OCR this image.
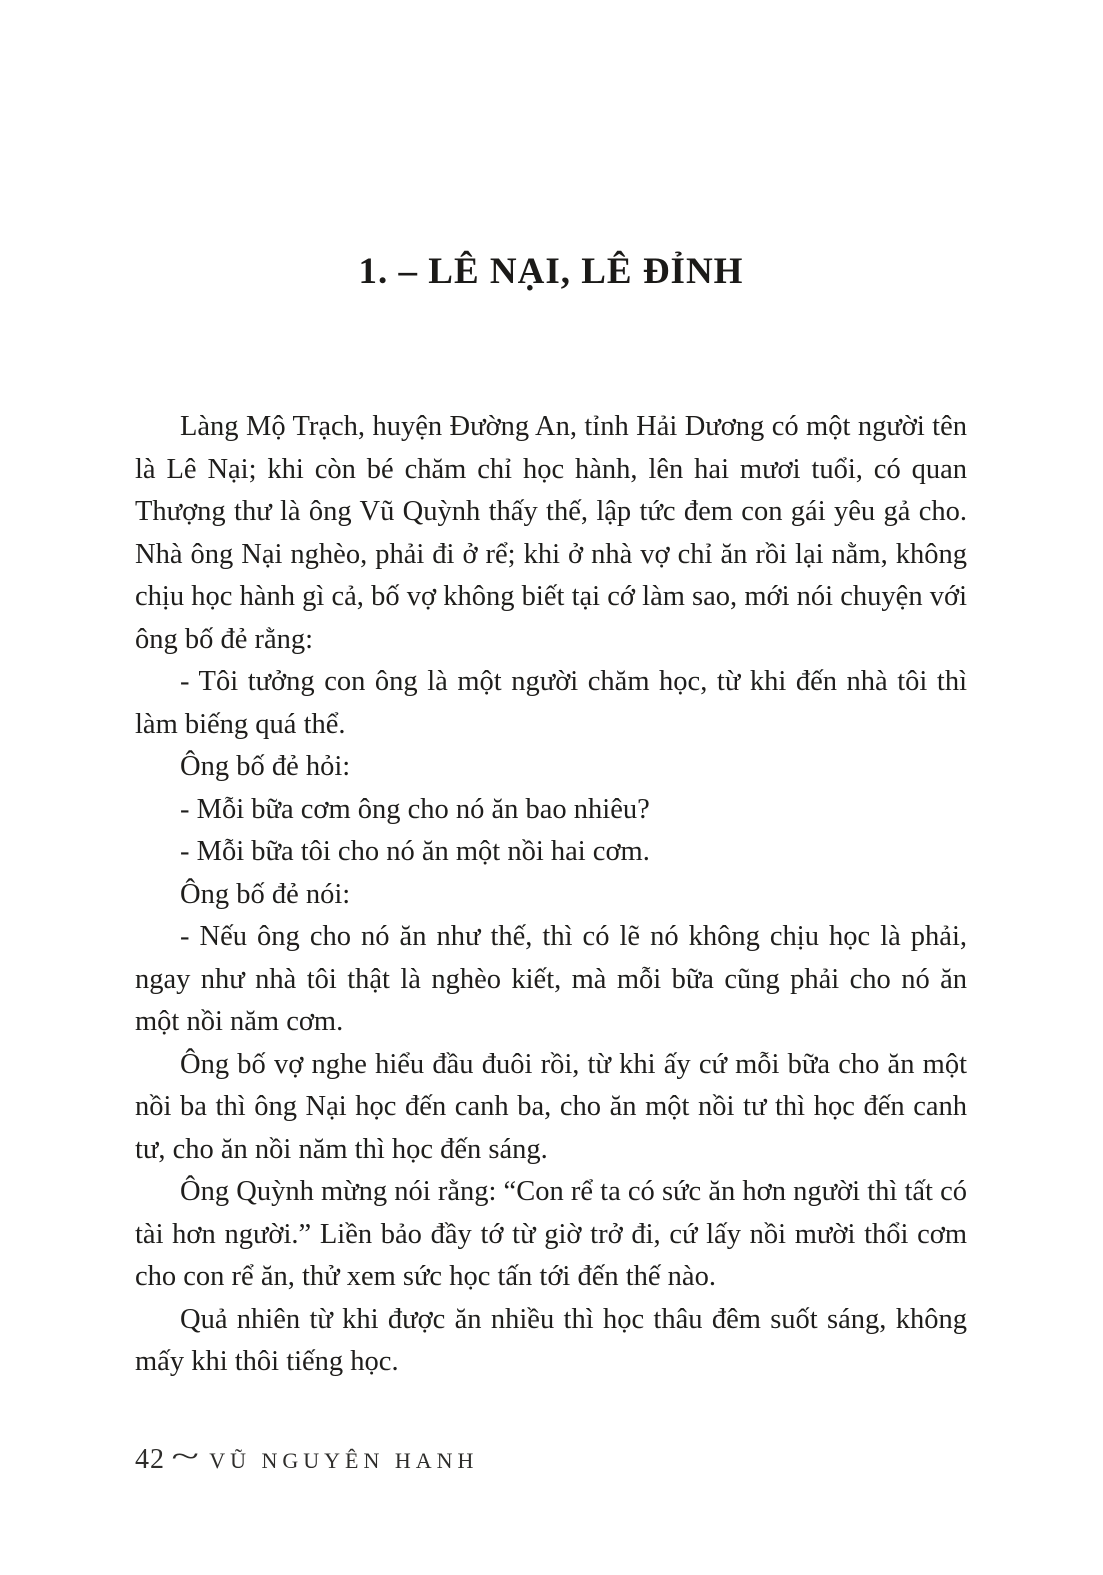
1. – LÊ NẠI, LÊ ĐỈNH

Làng Mộ Trạch, huyện Đường An, tỉnh Hải Dương có một người tên là Lê Nại; khi còn bé chăm chỉ học hành, lên hai mươi tuổi, có quan Thượng thư là ông Vũ Quỳnh thấy thế, lập tức đem con gái yêu gả cho. Nhà ông Nại nghèo, phải đi ở rể; khi ở nhà vợ chỉ ăn rồi lại nằm, không chịu học hành gì cả, bố vợ không biết tại cớ làm sao, mới nói chuyện với ông bố đẻ rằng:

- Tôi tưởng con ông là một người chăm học, từ khi đến nhà tôi thì làm biếng quá thể.

Ông bố đẻ hỏi:

- Mỗi bữa cơm ông cho nó ăn bao nhiêu?

- Mỗi bữa tôi cho nó ăn một nồi hai cơm.

Ông bố đẻ nói:

- Nếu ông cho nó ăn như thế, thì có lẽ nó không chịu học là phải, ngay như nhà tôi thật là nghèo kiết, mà mỗi bữa cũng phải cho nó ăn một nồi năm cơm.

Ông bố vợ nghe hiểu đầu đuôi rồi, từ khi ấy cứ mỗi bữa cho ăn một nồi ba thì ông Nại học đến canh ba, cho ăn một nồi tư thì học đến canh tư, cho ăn nồi năm thì học đến sáng.

Ông Quỳnh mừng nói rằng: “Con rể ta có sức ăn hơn người thì tất có tài hơn người.” Liền bảo đầy tớ từ giờ trở đi, cứ lấy nồi mười thổi cơm cho con rể ăn, thử xem sức học tấn tới đến thế nào.

Quả nhiên từ khi được ăn nhiều thì học thâu đêm suốt sáng, không mấy khi thôi tiếng học.

42 ~ VŨ NGUYÊN HANH
